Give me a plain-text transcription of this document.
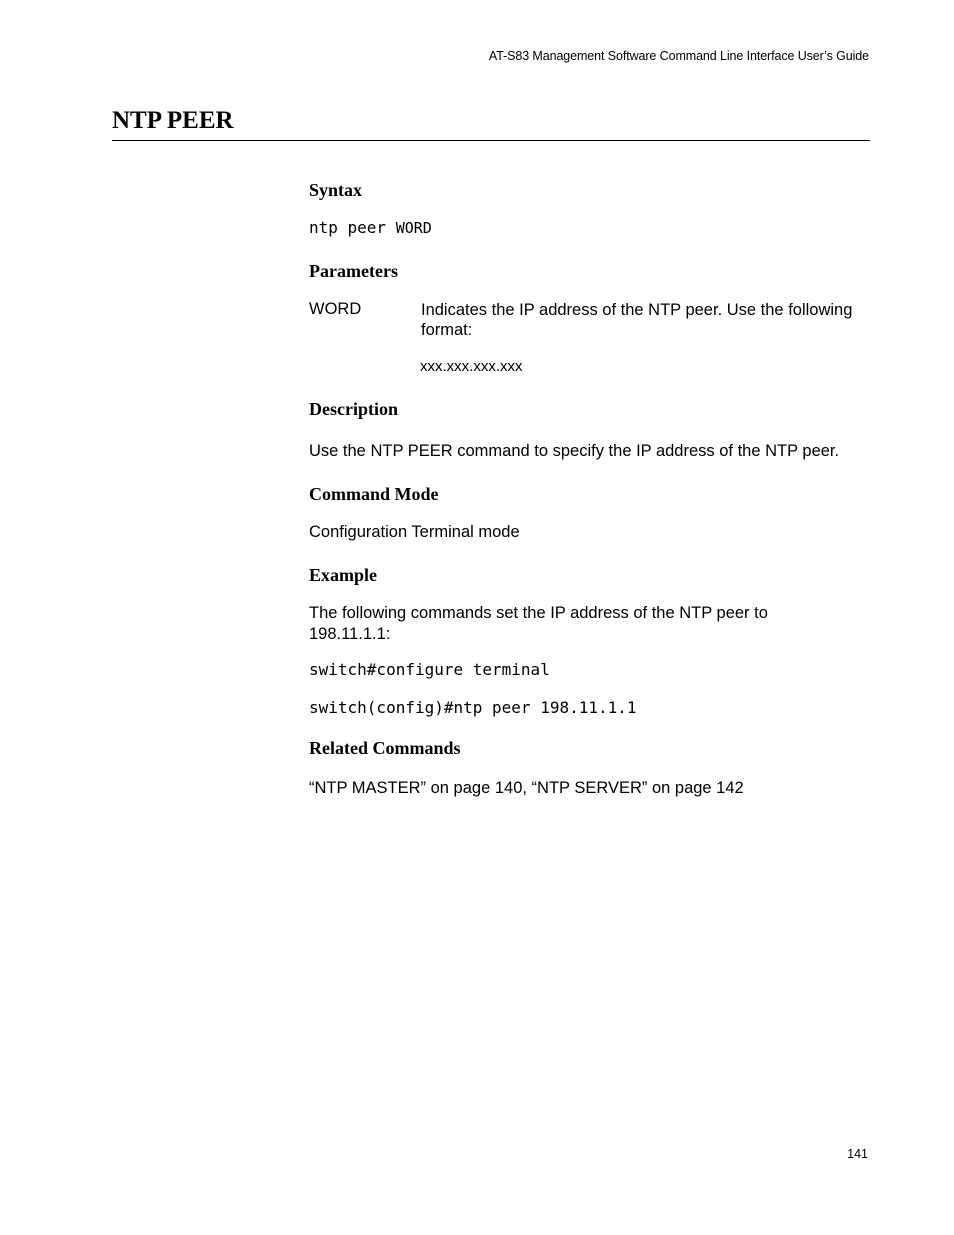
AT-S83 Management Software Command Line Interface User’s Guide
NTP PEER
Syntax
ntp peer WORD
Parameters
WORD	Indicates the IP address of the NTP peer. Use the following format:
xxx.xxx.xxx.xxx
Description
Use the NTP PEER command to specify the IP address of the NTP peer.
Command Mode
Configuration Terminal mode
Example
The following commands set the IP address of the NTP peer to
198.11.1.1:
switch#configure terminal
switch(config)#ntp peer 198.11.1.1
Related Commands
“NTP MASTER” on page 140, “NTP SERVER” on page 142
141
